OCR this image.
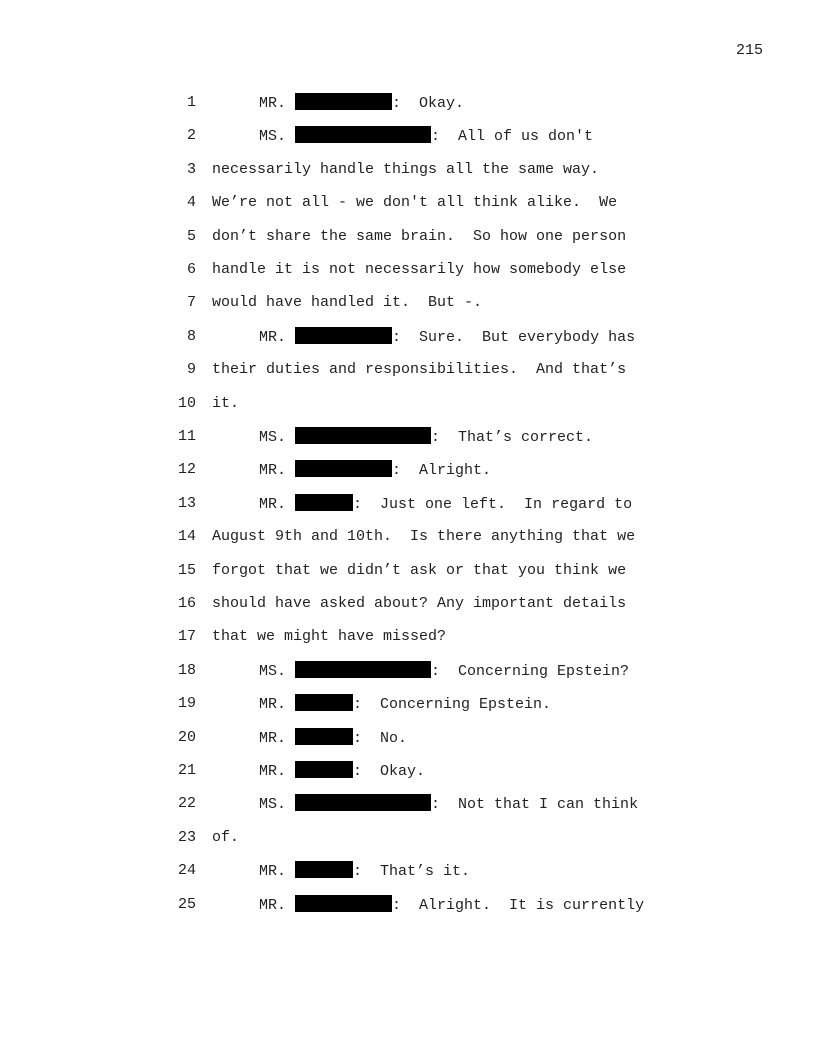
215
1	MR.	:  Okay.
2	MS.	:  All of us don't
3 necessarily handle things all the same way.
4 We’re not all - we don't all think alike.  We
5 don’t share the same brain.  So how one person
6 handle it is not necessarily how somebody else
7 would have handled it.  But -.
8	MR.	:  Sure.  But everybody has
9 their duties and responsibilities.  And that’s
10 it.
11	MS.	:  That’s correct.
12	MR.	:  Alright.
13	MR.	:  Just one left.  In regard to
14 August 9th and 10th.  Is there anything that we
15 forgot that we didn’t ask or that you think we
16 should have asked about? Any important details
17 that we might have missed?
18	MS.	:  Concerning Epstein?
19	MR.	:  Concerning Epstein.
20	MR.	:  No.
21	MR.	:  Okay.
22	MS.	:  Not that I can think
23 of.
24	MR.	:  That’s it.
25	MR.	:  Alright.  It is currently
